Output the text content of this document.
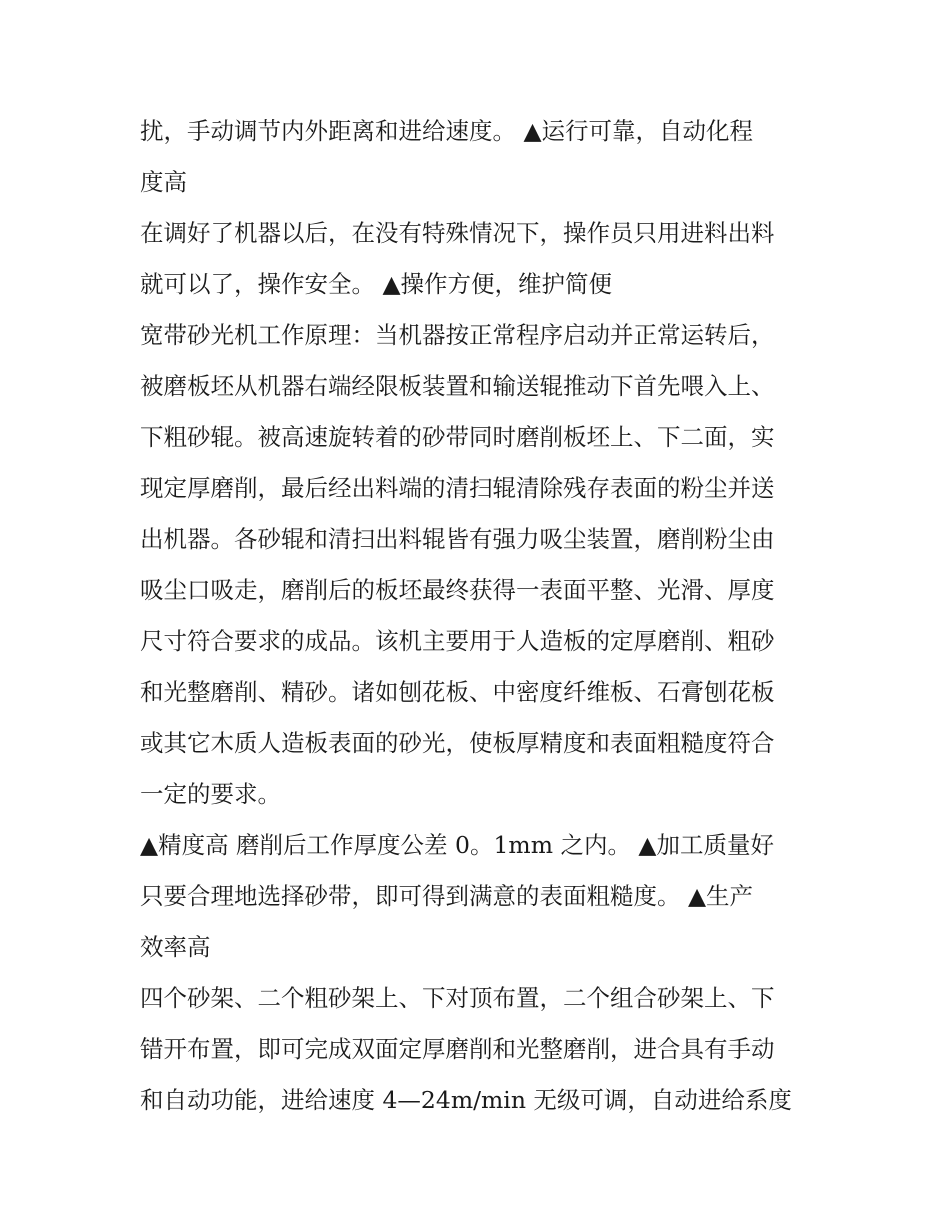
扰，手动调节内外距离和进给速度。 ▲运行可靠，自动化程
度高
在调好了机器以后，在没有特殊情况下，操作员只用进料出料
就可以了，操作安全。 ▲操作方便，维护简便
宽带砂光机工作原理：当机器按正常程序启动并正常运转后，
被磨板坯从机器右端经限板装置和输送辊推动下首先喂入上、
下粗砂辊。被高速旋转着的砂带同时磨削板坯上、下二面，实
现定厚磨削，最后经出料端的清扫辊清除残存表面的粉尘并送
出机器。各砂辊和清扫出料辊皆有强力吸尘装置，磨削粉尘由
吸尘口吸走，磨削后的板坯最终获得一表面平整、光滑、厚度
尺寸符合要求的成品。该机主要用于人造板的定厚磨削、粗砂
和光整磨削、精砂。诸如刨花板、中密度纤维板、石膏刨花板
或其它木质人造板表面的砂光，使板厚精度和表面粗糙度符合
一定的要求。
▲精度高 磨削后工作厚度公差 0。1mm 之内。 ▲加工质量好
只要合理地选择砂带，即可得到满意的表面粗糙度。 ▲生产
效率高
四个砂架、二个粗砂架上、下对顶布置，二个组合砂架上、下
错开布置，即可完成双面定厚磨削和光整磨削，进合具有手动
和自动功能，进给速度 4—24m/min 无级可调，自动进给系度
